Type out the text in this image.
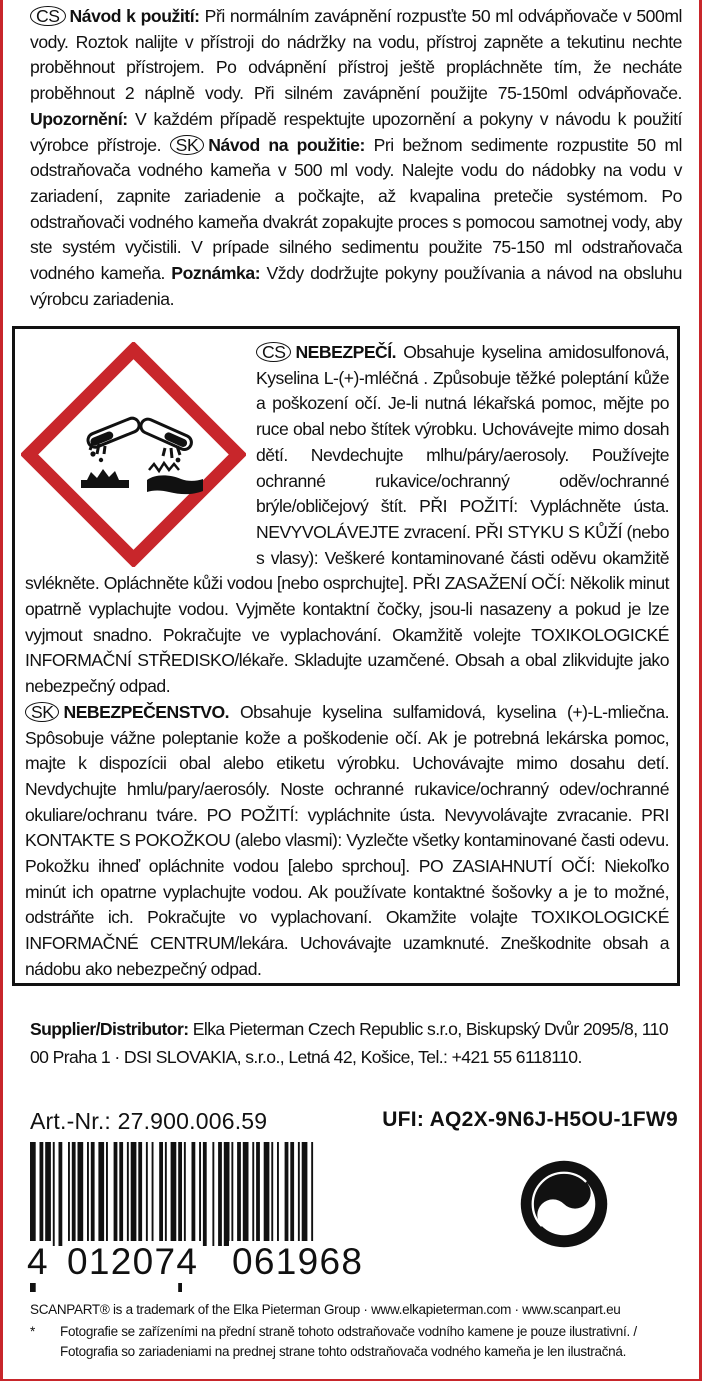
CS Návod k použití: Při normálním zavápnění rozpusťte 50 ml odvápňovače v 500ml vody. Roztok nalijte v přístroji do nádržky na vodu, přístroj zapněte a tekutinu nechte proběhnout přístrojem. Po odvápnění přístroj ještě propláchněte tím, že necháte proběhnout 2 náplně vody. Při silném zavápnění použijte 75-150ml odvápňovače. Upozornění: V každém případě respektujte upozornění a pokyny v návodu k použití výrobce přístroje. SK Návod na použitie: Pri bežnom sedimente rozpustite 50 ml odstraňovača vodného kameňa v 500 ml vody. Nalejte vodu do nádobky na vodu v zariadení, zapnite zariadenie a počkajte, až kvapalina pretečie systémom. Po odstraňovači vodného kameňa dvakrát zopakujte proces s pomocou samotnej vody, aby ste systém vyčistili. V prípade silného sedimentu použite 75-150 ml odstraňovača vodného kameňa. Poznámka: Vždy dodržujte pokyny používania a návod na obsluhu výrobcu zariadenia.

CS NEBEZPEČÍ. Obsahuje kyselina amidosulfonová, Kyselina L-(+)-mléčná . Způsobuje těžké poleptání kůže a poškození očí. Je-li nutná lékařská pomoc, mějte po ruce obal nebo štítek výrobku. Uchovávejte mimo dosah dětí. Nevdechujte mlhu/páry/aerosoly. Používejte ochranné rukavice/ochranný oděv/ochranné brýle/obličejový štít. PŘI POŽITÍ: Vypláchněte ústa. NEVYVOLÁVEJTE zvracení. PŘI STYKU S KŮŽÍ (nebo s vlasy): Veškeré kontaminované části oděvu okamžitě svlékněte. Opláchněte kůži vodou [nebo osprchujte]. PŘI ZASAŽENÍ OČÍ: Několik minut opatrně vyplachujte vodou. Vyjměte kontaktní čočky, jsou-li nasazeny a pokud je lze vyjmout snadno. Pokračujte ve vyplachování. Okamžitě volejte TOXIKOLOGICKÉ INFORMAČNÍ STŘEDISKO/lékaře. Skladujte uzamčené. Obsah a obal zlikvidujte jako nebezpečný odpad.

SK NEBEZPEČENSTVO. Obsahuje kyselina sulfamidová, kyselina (+)-L-mliečna. Spôsobuje vážne poleptanie kože a poškodenie očí. Ak je potrebná lekárska pomoc, majte k dispozícii obal alebo etiketu výrobku. Uchovávajte mimo dosahu detí. Nevdychujte hmlu/pary/aerosóly. Noste ochranné rukavice/ochranný odev/ochranné okuliare/ochranu tváre. PO POŽITÍ: vypláchnite ústa. Nevyvolávajte zvracanie. PRI KONTAKTE S POKOŽKOU (alebo vlasmi): Vyzlečte všetky kontaminované časti odevu. Pokožku ihneď opláchnite vodou [alebo sprchou]. PO ZASIAHNUTÍ OČÍ: Niekoľko minút ich opatrne vyplachujte vodou. Ak používate kontaktné šošovky a je to možné, odstráňte ich. Pokračujte vo vyplachovaní. Okamžite volajte TOXIKOLOGICKÉ INFORMAČNÉ CENTRUM/lekára. Uchovávajte uzamknuté. Zneškodnite obsah a nádobu ako nebezpečný odpad.

Supplier/Distributor: Elka Pieterman Czech Republic s.r.o, Biskupský Dvůr 2095/8, 110 00 Praha 1 · DSI SLOVAKIA, s.r.o., Letná 42, Košice, Tel.: +421 55 6118110.

Art.-Nr.: 27.900.006.59	UFI: AQ2X-9N6J-H5OU-1FW9
4 012074 061968
SCANPART® is a trademark of the Elka Pieterman Group · www.elkapieterman.com · www.scanpart.eu
* Fotografie se zařízeními na přední straně tohoto odstraňovače vodního kamene je pouze ilustrativní. /
Fotografia so zariadeniami na prednej strane tohto odstraňovača vodného kameňa je len ilustračná.
